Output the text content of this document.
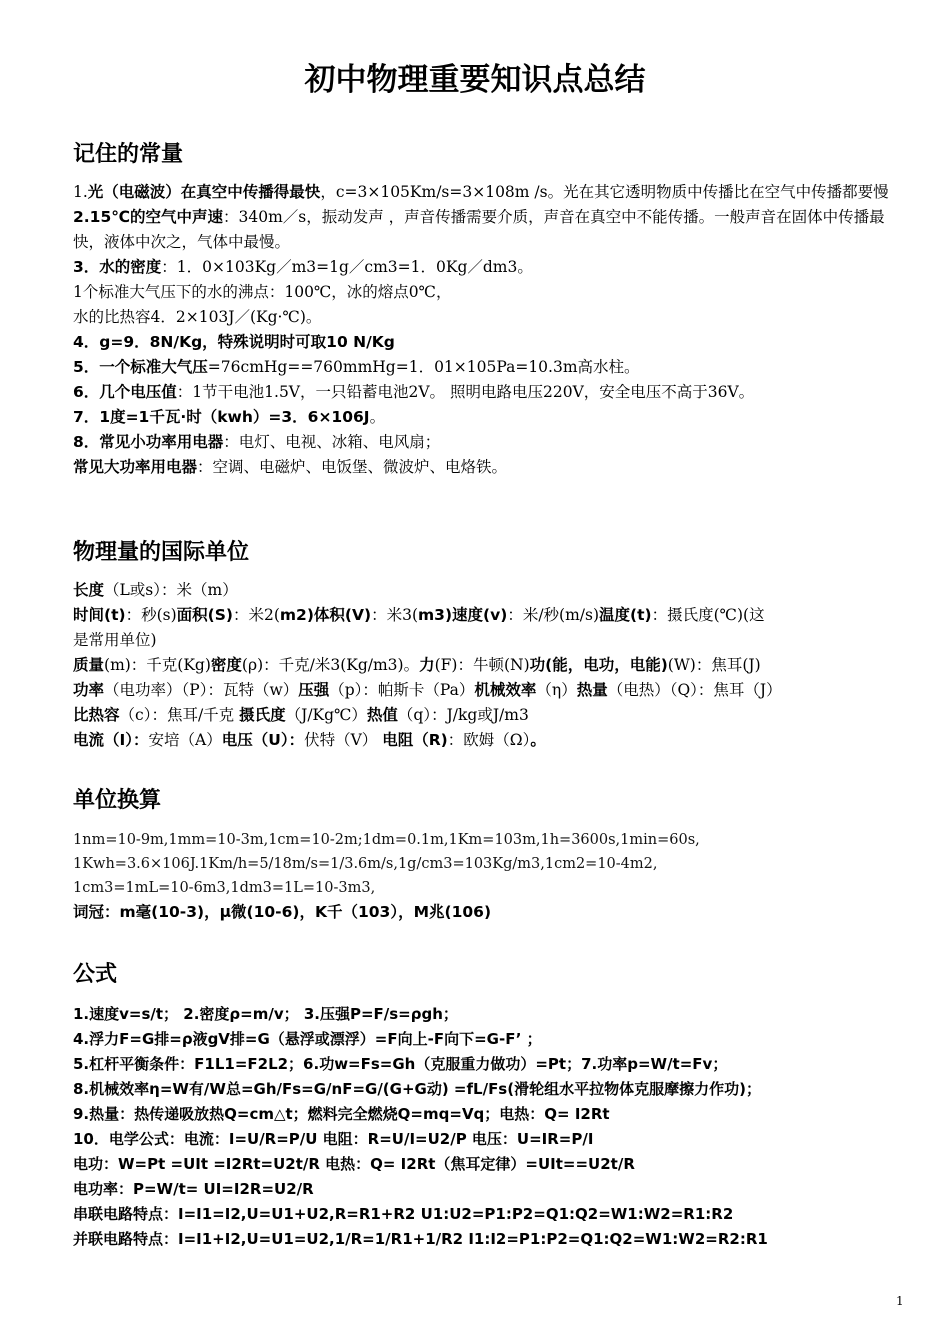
初中物理重要知识点总结
记住的常量

1.光（电磁波）在真空中传播得最快，c=3×105Km/s=3×108m /s。光在其它透明物质中传播比在空气中传播都要慢

2.15℃的空气中声速：340m／s，振动发声 ，声音传播需要介质，声音在真空中不能传播。一般声音在固体中传播最快，液体中次之，气体中最慢。

3．水的密度：1．0×103Kg／m3=1g／cm3=1．0Kg／dm3。

1个标准大气压下的水的沸点：100℃，冰的熔点0℃，

水的比热容4．2×103J／(Kg·℃)。

4．g=9．8N/Kg，特殊说明时可取10 N/Kg

5．一个标准大气压=76cmHg==760mmHg=1．01×105Pa=10.3m高水柱。

6．几个电压值：1节干电池1.5V，一只铅蓄电池2V。 照明电路电压220V，安全电压不高于36V。

7．1度=1千瓦·时（kwh）=3．6×106J。

8．常见小功率用电器：电灯、电视、冰箱、电风扇；

常见大功率用电器：空调、电磁炉、电饭堡、微波炉、电烙铁。

物理量的国际单位

长度（L或s）：米（m）

时间(t)：秒(s)面积(S)：米2(m2)体积(V)：米3(m3)速度(v)：米/秒(m/s)温度(t)：摄氏度(℃)(这

是常用单位)

质量(m)：千克(Kg)密度(ρ)：千克/米3(Kg/m3)。力(F)：牛顿(N)功(能，电功，电能)(W)：焦耳(J)

功率（电功率）（P）：瓦特（w）压强（p）：帕斯卡（Pa）机械效率（η）热量（电热）（Q）：焦耳（J）

比热容（c）：焦耳/千克 摄氏度（J/Kg℃）热值（q）：J/kg或J/m3

电流（I）：安培（A）电压（U）：伏特（V） 电阻（R)：欧姆（Ω）。

单位换算

1nm=10-9m,1mm=10-3m,1cm=10-2m;1dm=0.1m,1Km=103m,1h=3600s,1min=60s,

1Kwh=3.6×106J.1Km/h=5/18m/s=1/3.6m/s,1g/cm3=103Kg/m3,1cm2=10-4m2,

1cm3=1mL=10-6m3,1dm3=1L=10-3m3,

词冠：m毫(10-3)，μ微(10-6)，K千（103），M兆(106)

公式

1.速度v=s/t； 2.密度ρ=m/v； 3.压强P=F/s=ρgh；

4.浮力F=G排=ρ液gV排=G（悬浮或漂浮）=F向上-F向下=G-F’ ；

5.杠杆平衡条件：F1L1=F2L2；6.功w=Fs=Gh（克服重力做功）=Pt；7.功率p=W/t=Fv；

8.机械效率η=W有/W总=Gh/Fs=G/nF=G/(G+G动) =fL/Fs(滑轮组水平拉物体克服摩擦力作功)；

9.热量：热传递吸放热Q=cm△t；燃料完全燃烧Q=mq=Vq；电热：Q= I2Rt

10．电学公式：电流：I=U/R=P/U 电阻：R=U/I=U2/P 电压：U=IR=P/I

电功：W=Pt =UIt =I2Rt=U2t/R 电热：Q= I2Rt（焦耳定律）=UIt==U2t/R

电功率：P=W/t= UI=I2R=U2/R

串联电路特点：I=I1=I2,U=U1+U2,R=R1+R2 U1:U2=P1:P2=Q1:Q2=W1:W2=R1:R2

并联电路特点：I=I1+I2,U=U1=U2,1/R=1/R1+1/R2 I1:I2=P1:P2=Q1:Q2=W1:W2=R2:R1

1
